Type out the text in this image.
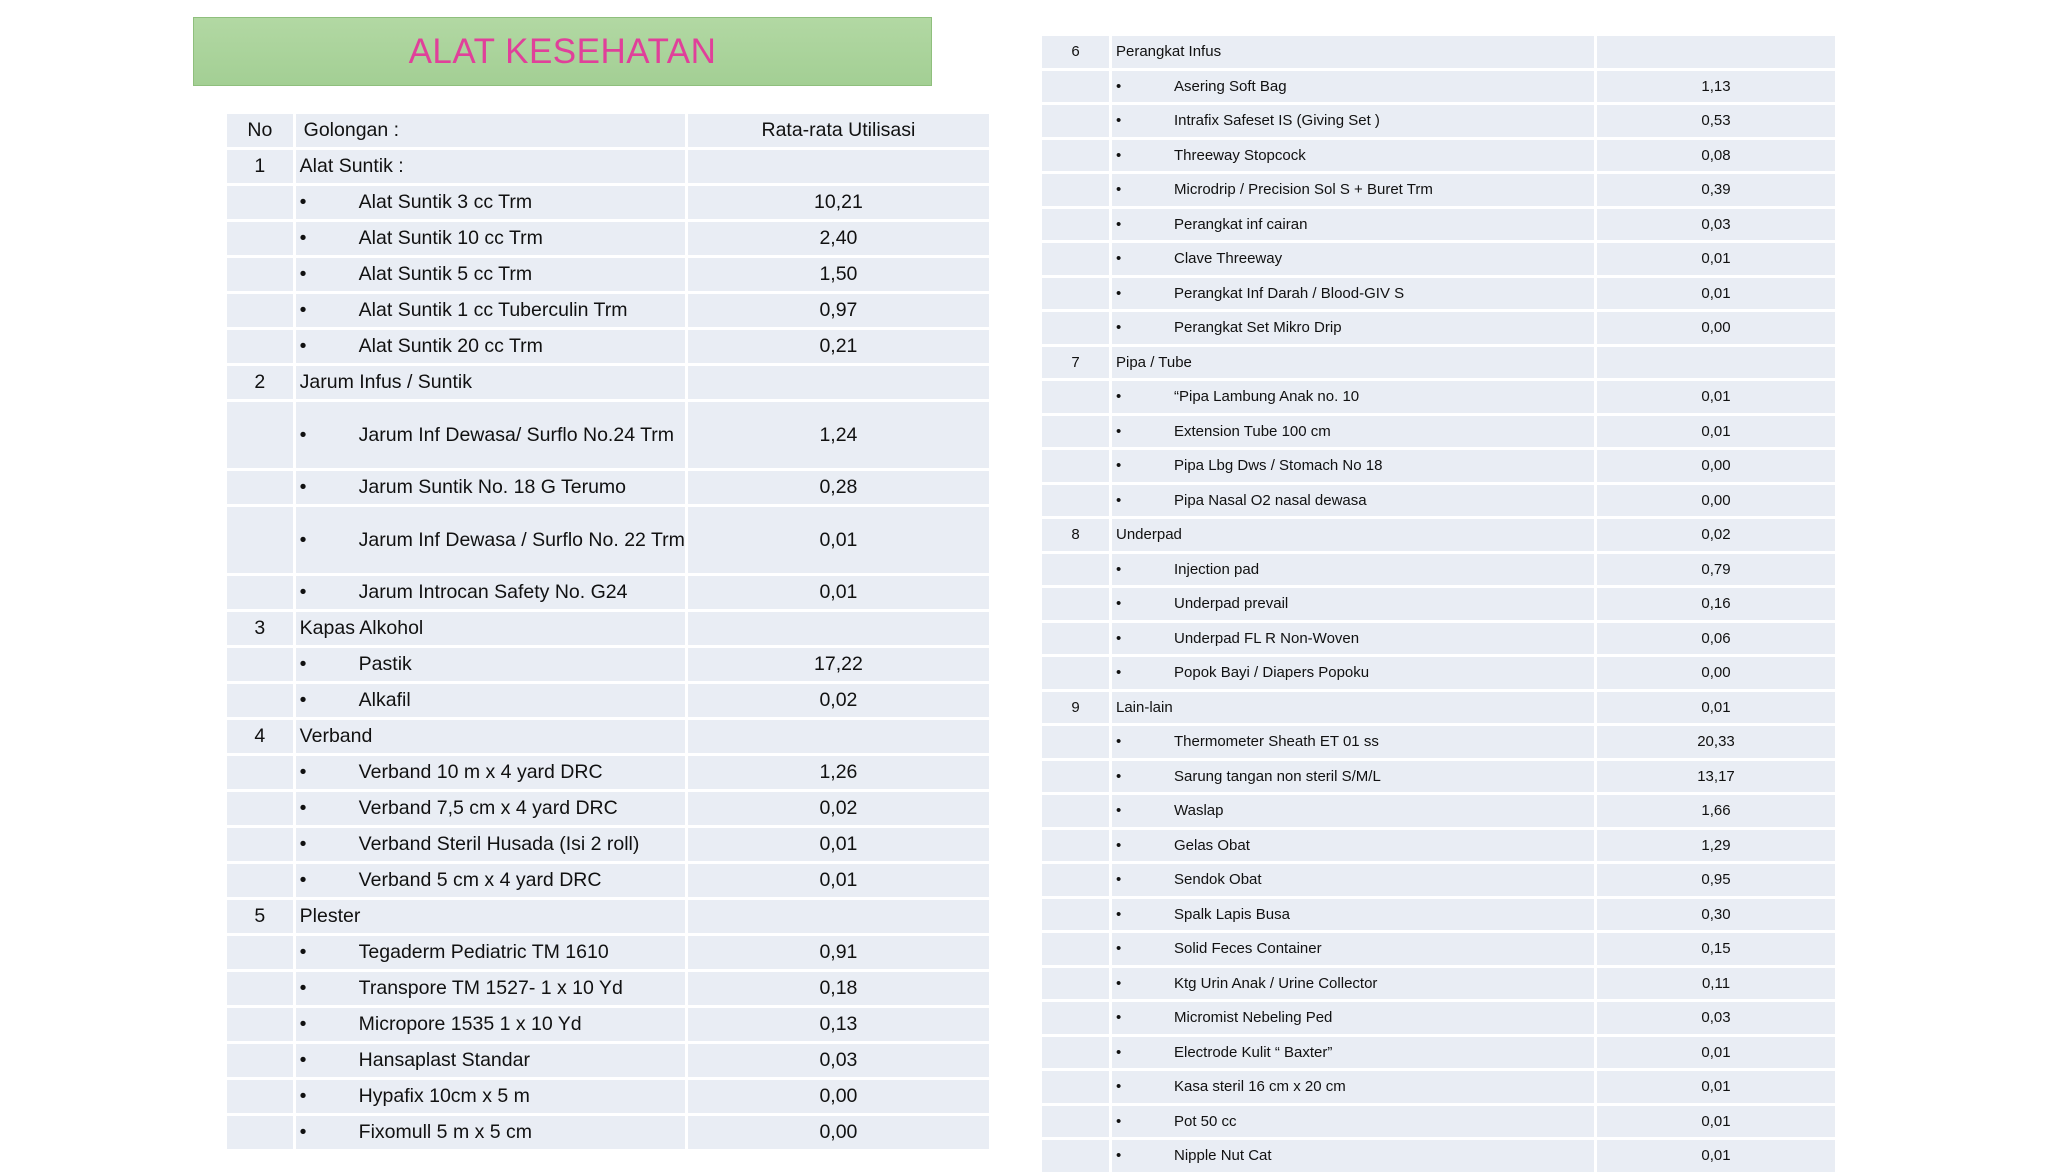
ALAT KESEHATAN
No	Golongan :	Rata-rata Utilisasi
1	Alat Suntik :	
	• Alat Suntik 3 cc Trm	10,21
	• Alat Suntik 10 cc Trm	2,40
	• Alat Suntik 5 cc Trm	1,50
	• Alat Suntik 1 cc Tuberculin Trm	0,97
	• Alat Suntik 20 cc Trm	0,21
2	Jarum Infus / Suntik	
	• Jarum Inf Dewasa/ Surflo No.24 Trm	1,24
	• Jarum Suntik No. 18 G Terumo	0,28
	• Jarum Inf Dewasa / Surflo No. 22 Trm	0,01
	• Jarum Introcan Safety No. G24	0,01
3	Kapas Alkohol	
	• Pastik	17,22
	• Alkafil	0,02
4	Verband	
	• Verband 10 m x 4 yard DRC	1,26
	• Verband 7,5 cm x 4 yard DRC	0,02
	• Verband Steril Husada (Isi 2 roll)	0,01
	• Verband 5 cm x 4 yard DRC	0,01
5	Plester	
	• Tegaderm Pediatric TM 1610	0,91
	• Transpore TM 1527- 1 x 10 Yd	0,18
	• Micropore 1535 1 x 10 Yd	0,13
	• Hansaplast Standar	0,03
	• Hypafix 10cm x 5 m	0,00
	• Fixomull 5 m x 5 cm	0,00
6	Perangkat Infus	
	• Asering Soft Bag	1,13
	• Intrafix Safeset IS (Giving Set )	0,53
	• Threeway Stopcock	0,08
	• Microdrip / Precision Sol S + Buret Trm	0,39
	• Perangkat inf cairan	0,03
	• Clave Threeway	0,01
	• Perangkat Inf Darah / Blood-GIV S	0,01
	• Perangkat Set Mikro Drip	0,00
7	Pipa / Tube	
	• “Pipa Lambung Anak no. 10	0,01
	• Extension Tube 100 cm	0,01
	• Pipa Lbg Dws / Stomach No 18	0,00
	• Pipa Nasal O2 nasal dewasa	0,00
8	Underpad	0,02
	• Injection pad	0,79
	• Underpad prevail	0,16
	• Underpad FL R Non-Woven	0,06
	• Popok Bayi / Diapers Popoku	0,00
9	Lain-lain	0,01
	• Thermometer Sheath ET 01 ss	20,33
	• Sarung tangan non steril S/M/L	13,17
	• Waslap	1,66
	• Gelas Obat	1,29
	• Sendok Obat	0,95
	• Spalk Lapis Busa	0,30
	• Solid Feces Container	0,15
	• Ktg Urin Anak / Urine Collector	0,11
	• Micromist Nebeling Ped	0,03
	• Electrode Kulit “ Baxter”	0,01
	• Kasa steril 16 cm x 20 cm	0,01
	• Pot 50 cc	0,01
	• Nipple Nut Cat	0,01
